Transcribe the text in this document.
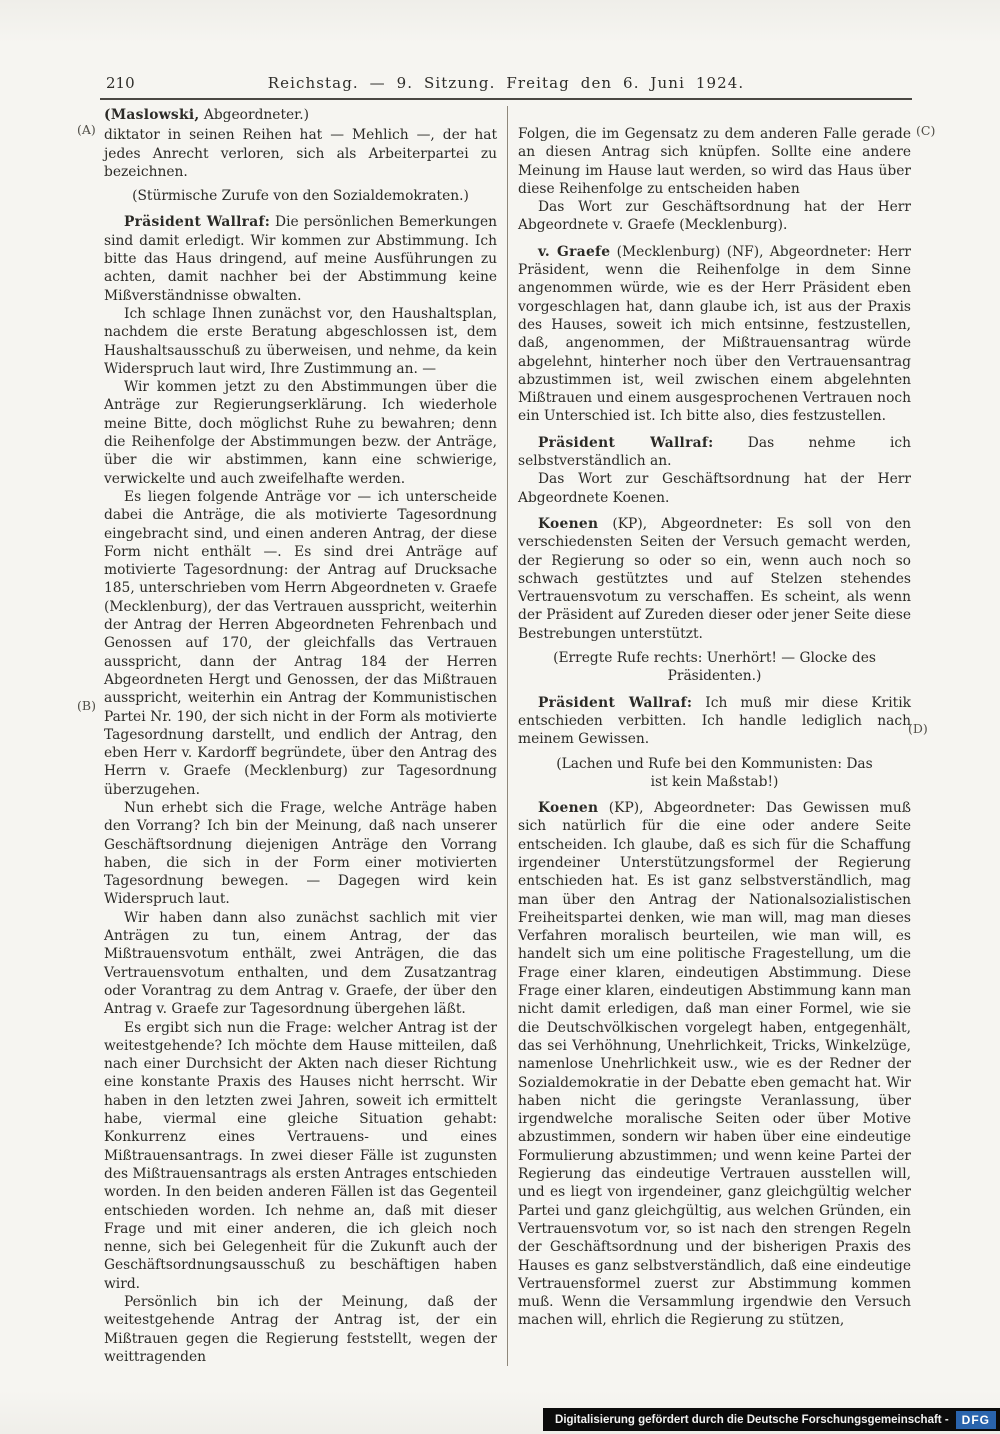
210	Reichstag. — 9. Sitzung. Freitag den 6. Juni 1924.
(A)
(B)
(C)
(D)

(Maslowski, Abgeordneter.)

diktator in seinen Reihen hat — Mehlich —, der hat jedes Anrecht verloren, sich als Arbeiterpartei zu bezeichnen.

(Stürmische Zurufe von den Sozialdemokraten.)

Präsident Wallraf: Die persönlichen Bemerkungen sind damit erledigt. Wir kommen zur Abstimmung. Ich bitte das Haus dringend, auf meine Ausführungen zu achten, damit nachher bei der Abstimmung keine Mißverständnisse obwalten.

Ich schlage Ihnen zunächst vor, den Haushaltsplan, nachdem die erste Beratung abgeschlossen ist, dem Haushaltsausschuß zu überweisen, und nehme, da kein Widerspruch laut wird, Ihre Zustimmung an. —

Wir kommen jetzt zu den Abstimmungen über die Anträge zur Regierungserklärung. Ich wiederhole meine Bitte, doch möglichst Ruhe zu bewahren; denn die Reihenfolge der Abstimmungen bezw. der Anträge, über die wir abstimmen, kann eine schwierige, verwickelte und auch zweifelhafte werden.

Es liegen folgende Anträge vor — ich unterscheide dabei die Anträge, die als motivierte Tagesordnung eingebracht sind, und einen anderen Antrag, der diese Form nicht enthält —. Es sind drei Anträge auf motivierte Tagesordnung: der Antrag auf Drucksache 185, unterschrieben vom Herrn Abgeordneten v. Graefe (Mecklenburg), der das Vertrauen ausspricht, weiterhin der Antrag der Herren Abgeordneten Fehrenbach und Genossen auf 170, der gleichfalls das Vertrauen ausspricht, dann der Antrag 184 der Herren Abgeordneten Hergt und Genossen, der das Mißtrauen ausspricht, weiterhin ein Antrag der Kommunistischen Partei Nr. 190, der sich nicht in der Form als motivierte Tagesordnung darstellt, und endlich der Antrag, den eben Herr v. Kardorff begründete, über den Antrag des Herrn v. Graefe (Mecklenburg) zur Tagesordnung überzugehen.

Nun erhebt sich die Frage, welche Anträge haben den Vorrang? Ich bin der Meinung, daß nach unserer Geschäftsordnung diejenigen Anträge den Vorrang haben, die sich in der Form einer motivierten Tagesordnung bewegen. — Dagegen wird kein Widerspruch laut.

Wir haben dann also zunächst sachlich mit vier Anträgen zu tun, einem Antrag, der das Mißtrauensvotum enthält, zwei Anträgen, die das Vertrauensvotum enthalten, und dem Zusatzantrag oder Vorantrag zu dem Antrag v. Graefe, der über den Antrag v. Graefe zur Tagesordnung übergehen läßt.

Es ergibt sich nun die Frage: welcher Antrag ist der weitestgehende? Ich möchte dem Hause mitteilen, daß nach einer Durchsicht der Akten nach dieser Richtung eine konstante Praxis des Hauses nicht herrscht. Wir haben in den letzten zwei Jahren, soweit ich ermittelt habe, viermal eine gleiche Situation gehabt: Konkurrenz eines Vertrauens- und eines Mißtrauensantrags. In zwei dieser Fälle ist zugunsten des Mißtrauensantrags als ersten Antrages entschieden worden. In den beiden anderen Fällen ist das Gegenteil entschieden worden. Ich nehme an, daß mit dieser Frage und mit einer anderen, die ich gleich noch nenne, sich bei Gelegenheit für die Zukunft auch der Geschäftsordnungsausschuß zu beschäftigen haben wird.

Persönlich bin ich der Meinung, daß der weitestgehende Antrag der Antrag ist, der ein Mißtrauen gegen die Regierung feststellt, wegen der weittragenden

Folgen, die im Gegensatz zu dem anderen Falle gerade an diesen Antrag sich knüpfen. Sollte eine andere Meinung im Hause laut werden, so wird das Haus über diese Reihenfolge zu entscheiden haben

Das Wort zur Geschäftsordnung hat der Herr Abgeordnete v. Graefe (Mecklenburg).

v. Graefe (Mecklenburg) (NF), Abgeordneter: Herr Präsident, wenn die Reihenfolge in dem Sinne angenommen würde, wie es der Herr Präsident eben vorgeschlagen hat, dann glaube ich, ist aus der Praxis des Hauses, soweit ich mich entsinne, festzustellen, daß, angenommen, der Mißtrauensantrag würde abgelehnt, hinterher noch über den Vertrauensantrag abzustimmen ist, weil zwischen einem abgelehnten Mißtrauen und einem ausgesprochenen Vertrauen noch ein Unterschied ist. Ich bitte also, dies festzustellen.

Präsident Wallraf: Das nehme ich selbstverständlich an.

Das Wort zur Geschäftsordnung hat der Herr Abgeordnete Koenen.

Koenen (KP), Abgeordneter: Es soll von den verschiedensten Seiten der Versuch gemacht werden, der Regierung so oder so ein, wenn auch noch so schwach gestütztes und auf Stelzen stehendes Vertrauensvotum zu verschaffen. Es scheint, als wenn der Präsident auf Zureden dieser oder jener Seite diese Bestrebungen unterstützt.

(Erregte Rufe rechts: Unerhört! — Glocke des Präsidenten.)

Präsident Wallraf: Ich muß mir diese Kritik entschieden verbitten. Ich handle lediglich nach meinem Gewissen.

(Lachen und Rufe bei den Kommunisten: Das ist kein Maßstab!)

Koenen (KP), Abgeordneter: Das Gewissen muß sich natürlich für die eine oder andere Seite entscheiden. Ich glaube, daß es sich für die Schaffung irgendeiner Unterstützungsformel der Regierung entschieden hat. Es ist ganz selbstverständlich, mag man über den Antrag der Nationalsozialistischen Freiheitspartei denken, wie man will, mag man dieses Verfahren moralisch beurteilen, wie man will, es handelt sich um eine politische Fragestellung, um die Frage einer klaren, eindeutigen Abstimmung. Diese Frage einer klaren, eindeutigen Abstimmung kann man nicht damit erledigen, daß man einer Formel, wie sie die Deutschvölkischen vorgelegt haben, entgegenhält, das sei Verhöhnung, Unehrlichkeit, Tricks, Winkelzüge, namenlose Unehrlichkeit usw., wie es der Redner der Sozialdemokratie in der Debatte eben gemacht hat. Wir haben nicht die geringste Veranlassung, über irgendwelche moralische Seiten oder über Motive abzustimmen, sondern wir haben über eine eindeutige Formulierung abzustimmen; und wenn keine Partei der Regierung das eindeutige Vertrauen ausstellen will, und es liegt von irgendeiner, ganz gleichgültig welcher Partei und ganz gleichgültig, aus welchen Gründen, ein Vertrauensvotum vor, so ist nach den strengen Regeln der Geschäftsordnung und der bisherigen Praxis des Hauses es ganz selbstverständlich, daß eine eindeutige Vertrauensformel zuerst zur Abstimmung kommen muß. Wenn die Versammlung irgendwie den Versuch machen will, ehrlich die Regierung zu stützen,

Digitalisierung gefördert durch die Deutsche Forschungsgemeinschaft -	DFG
